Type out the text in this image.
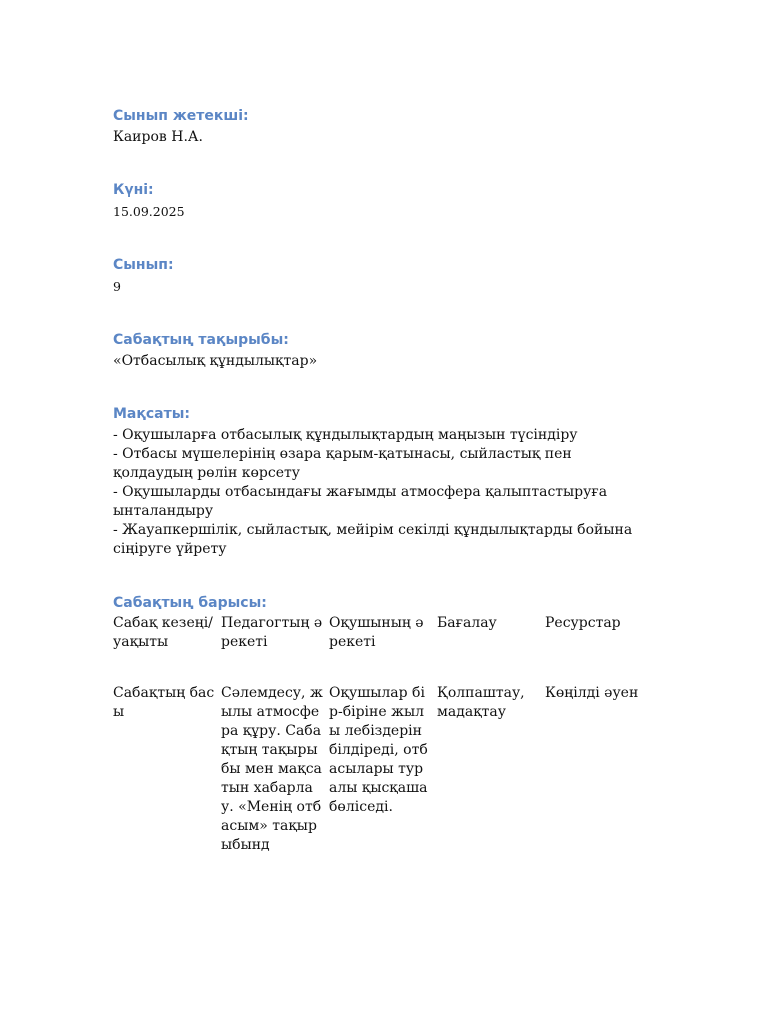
Сынып жетекші:

Каиров Н.А.

Күні:

15.09.2025

Сынып:

9

Сабақтың тақырыбы:

«Отбасылық құндылықтар»

Мақсаты:

- Оқушыларға отбасылық құндылықтардың маңызын түсіндіру
- Отбасы мүшелерінің өзара қарым-қатынасы, сыйластық пен қолдаудың рөлін көрсету
- Оқушыларды отбасындағы жағымды атмосфера қалыптастыруға ынталандыру
- Жауапкершілік, сыйластық, мейірім секілді құндылықтарды бойына сіңіруге үйрету

Сабақтың барысы:

Сабақ кезеңі/уақыты	Педагогтың әрекеті	Оқушының әрекеті	Бағалау	Ресурстар

Сабақтың басы	Сәлемдесу, жылы атмосфера құру. Сабақтың тақырыбы мен мақсатын хабарлау. «Менің отбасым» тақырыбынд	Оқушылар бір-біріне жылы лебіздерін білдіреді, отбасылары туралы қысқаша бөліседі.	Қолпаштау, мадақтау	Көңілді әуен
